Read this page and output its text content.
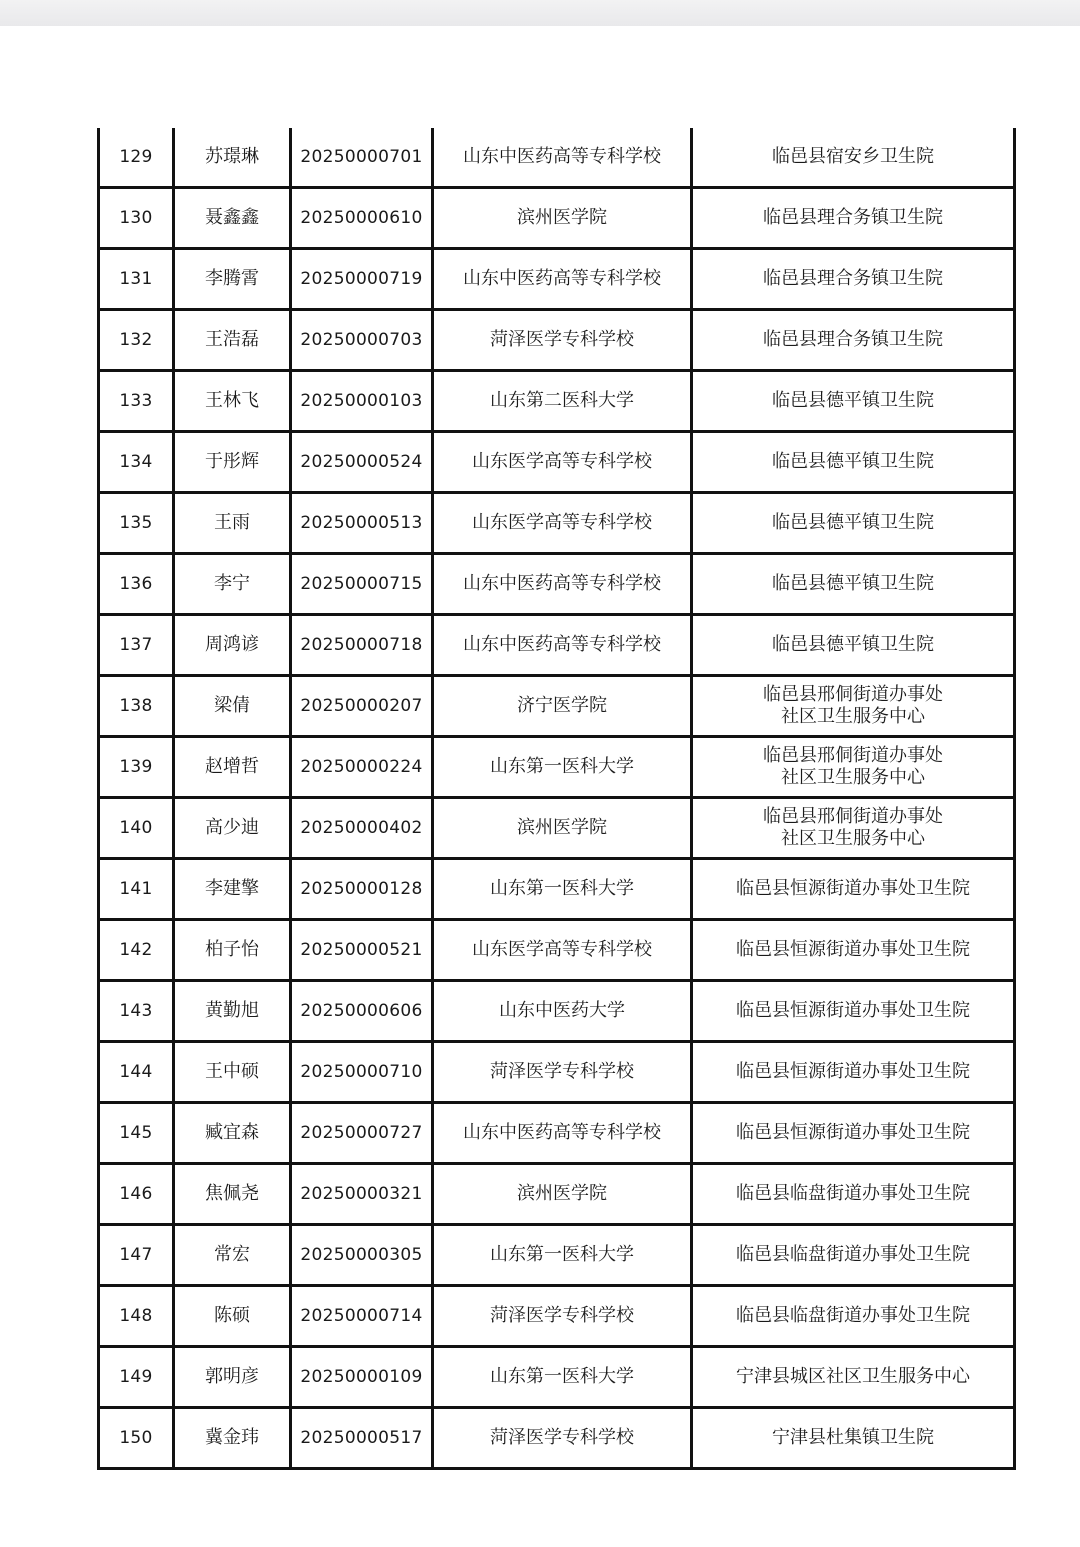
129	苏璟琳	20250000701	山东中医药高等专科学校	临邑县宿安乡卫生院
130	聂鑫鑫	20250000610	滨州医学院	临邑县理合务镇卫生院
131	李腾霄	20250000719	山东中医药高等专科学校	临邑县理合务镇卫生院
132	王浩磊	20250000703	菏泽医学专科学校	临邑县理合务镇卫生院
133	王林飞	20250000103	山东第二医科大学	临邑县德平镇卫生院
134	于彤辉	20250000524	山东医学高等专科学校	临邑县德平镇卫生院
135	王雨	20250000513	山东医学高等专科学校	临邑县德平镇卫生院
136	李宁	20250000715	山东中医药高等专科学校	临邑县德平镇卫生院
137	周鸿谚	20250000718	山东中医药高等专科学校	临邑县德平镇卫生院
138	梁倩	20250000207	济宁医学院	临邑县邢侗街道办事处
社区卫生服务中心
139	赵增哲	20250000224	山东第一医科大学	临邑县邢侗街道办事处
社区卫生服务中心
140	高少迪	20250000402	滨州医学院	临邑县邢侗街道办事处
社区卫生服务中心
141	李建擎	20250000128	山东第一医科大学	临邑县恒源街道办事处卫生院
142	柏子怡	20250000521	山东医学高等专科学校	临邑县恒源街道办事处卫生院
143	黄勤旭	20250000606	山东中医药大学	临邑县恒源街道办事处卫生院
144	王中硕	20250000710	菏泽医学专科学校	临邑县恒源街道办事处卫生院
145	臧宜森	20250000727	山东中医药高等专科学校	临邑县恒源街道办事处卫生院
146	焦佩尧	20250000321	滨州医学院	临邑县临盘街道办事处卫生院
147	常宏	20250000305	山东第一医科大学	临邑县临盘街道办事处卫生院
148	陈硕	20250000714	菏泽医学专科学校	临邑县临盘街道办事处卫生院
149	郭明彦	20250000109	山东第一医科大学	宁津县城区社区卫生服务中心
150	冀金玮	20250000517	菏泽医学专科学校	宁津县杜集镇卫生院
